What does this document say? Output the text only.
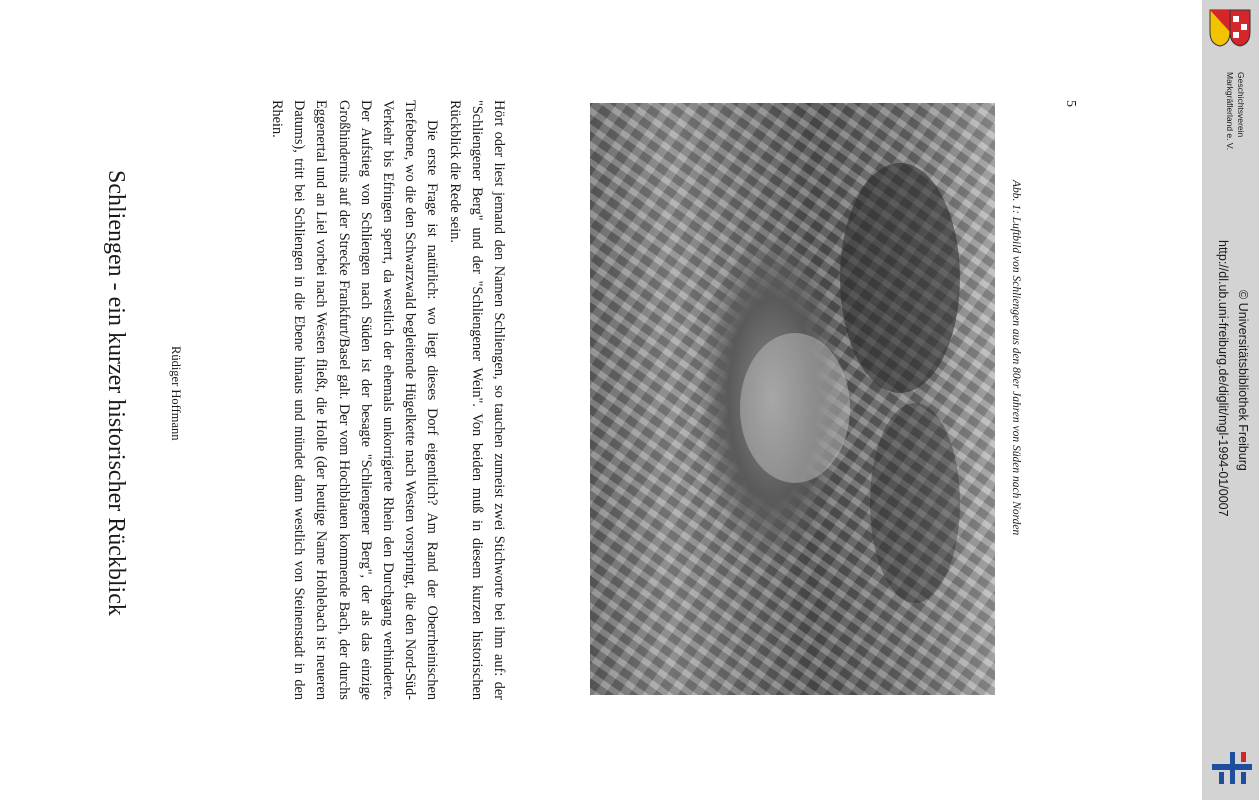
Schliengen - ein kurzer historischer Rückblick	Rüdiger Hoffmann	Hört oder liest jemand den Namen Schliengen, so tauchen zumeist zwei Stichworte bei ihm auf: der "Schliengener Berg" und der "Schliengener Wein". Von beiden muß in diesem kurzen historischen Rückblick die Rede sein.

Die erste Frage ist natürlich: wo liegt dieses Dorf eigentlich? Am Rand der Oberrheinischen Tiefebene, wo die den Schwarzwald begleitende Hügelkette nach Westen vorspringt, die den Nord-Süd-Verkehr bis Efringen sperrt, da westlich der ehemals unkorrigierte Rhein den Durchgang verhinderte. Der Aufstieg von Schliengen nach Süden ist der besagte "Schliengener Berg", der als das einzige Großhindernis auf der Strecke Frankfurt/Basel galt. Der vom Hochblauen kommende Bach, der durchs Eggenertal und an Liel vorbei nach Westen fließt, die Holle (der heutige Name Hohlebach ist neueren Datums), tritt bei Schliengen in die Ebene hinaus und mündet dann westlich von Steinenstadt in den Rhein.

Abb. 1: Luftbild von Schliengen aus den 80er Jahren von Süden nach Norden
5	Geschichtsverein
Markgräflerland e. V.
http://dl.ub.uni-freiburg.de/diglit/mgl-1994-01/0007 © Universitätsbibliothek Freiburg
